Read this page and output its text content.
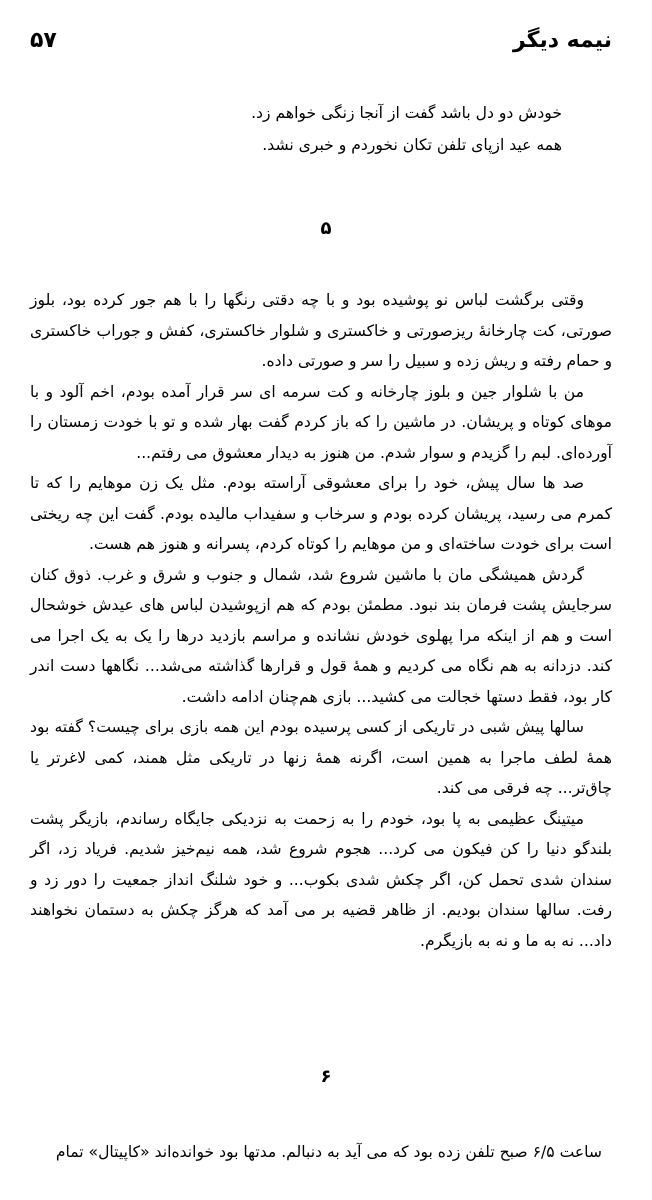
۵۷	نیمه دیگر

خودش دو دل باشد گفت از آنجا زنگی خواهم زد.

همه عید ازپای تلفن تکان نخوردم و خبری نشد.

۵

وقتی برگشت لباس نو پوشیده بود و با چه دقتی رنگها را با هم جور کرده بود، بلوز صورتی، کت چارخانهٔ ریزصورتی و خاکستری و شلوار خاکستری، کفش و جوراب خاکستری و حمام رفته و ریش زده و سبیل را سر و صورتی داده.

من با شلوار جین و بلوز چارخانه و کت سرمه ای سر قرار آمده بودم، اخم آلود و با موهای کوتاه و پریشان. در ماشین را که باز کردم گفت بهار شده و تو با خودت زمستان را آورده‌ای. لبم را گزیدم و سوار شدم. من هنوز به دیدار معشوق می رفتم...

صد ها سال پیش، خود را برای معشوقی آراسته بودم. مثل یک زن موهایم را که تا کمرم می رسید، پریشان کرده بودم و سرخاب و سفیداب مالیده بودم. گفت این چه ریختی است برای خودت ساخته‌ای و من موهایم را کوتاه کردم، پسرانه و هنوز هم هست.

گردش همیشگی مان با ماشین شروع شد، شمال و جنوب و شرق و غرب. ذوق کنان سرجایش پشت فرمان بند نبود. مطمئن بودم که هم ازپوشیدن لباس های عیدش خوشحال است و هم از اینکه مرا پهلوی خودش نشانده و مراسم بازدید درها را یک به یک اجرا می کند. دزدانه به هم نگاه می کردیم و همهٔ قول و قرارها گذاشته می‌شد... نگاهها دست اندر کار بود، فقط دستها خجالت می کشید... بازی هم‌چنان ادامه داشت.

سالها پیش شبی در تاریکی از کسی پرسیده بودم این همه بازی برای چیست؟ گفته بود همهٔ لطف ماجرا به همین است، اگرنه همهٔ زنها در تاریکی مثل همند، کمی لاغرتر یا چاق‌تر... چه فرقی می کند.

میتینگ عظیمی به پا بود، خودم را به زحمت به نزدیکی جایگاه رساندم، بازیگر پشت بلندگو دنیا را کن فیکون می کرد... هجوم شروع شد، همه نیم‌خیز شدیم. فریاد زد، اگر سندان شدی تحمل کن، اگر چکش شدی بکوب... و خود شلنگ انداز جمعیت را دور زد و رفت. سالها سندان بودیم. از ظاهر قضیه بر می آمد که هرگز چکش به دستمان نخواهند داد... نه به ما و نه به بازیگرم.

۶

ساعت ۶/۵ صبح تلفن زده بود که می آید به دنبالم. مدتها بود خوانده‌اند «کاپیتال» تمام
